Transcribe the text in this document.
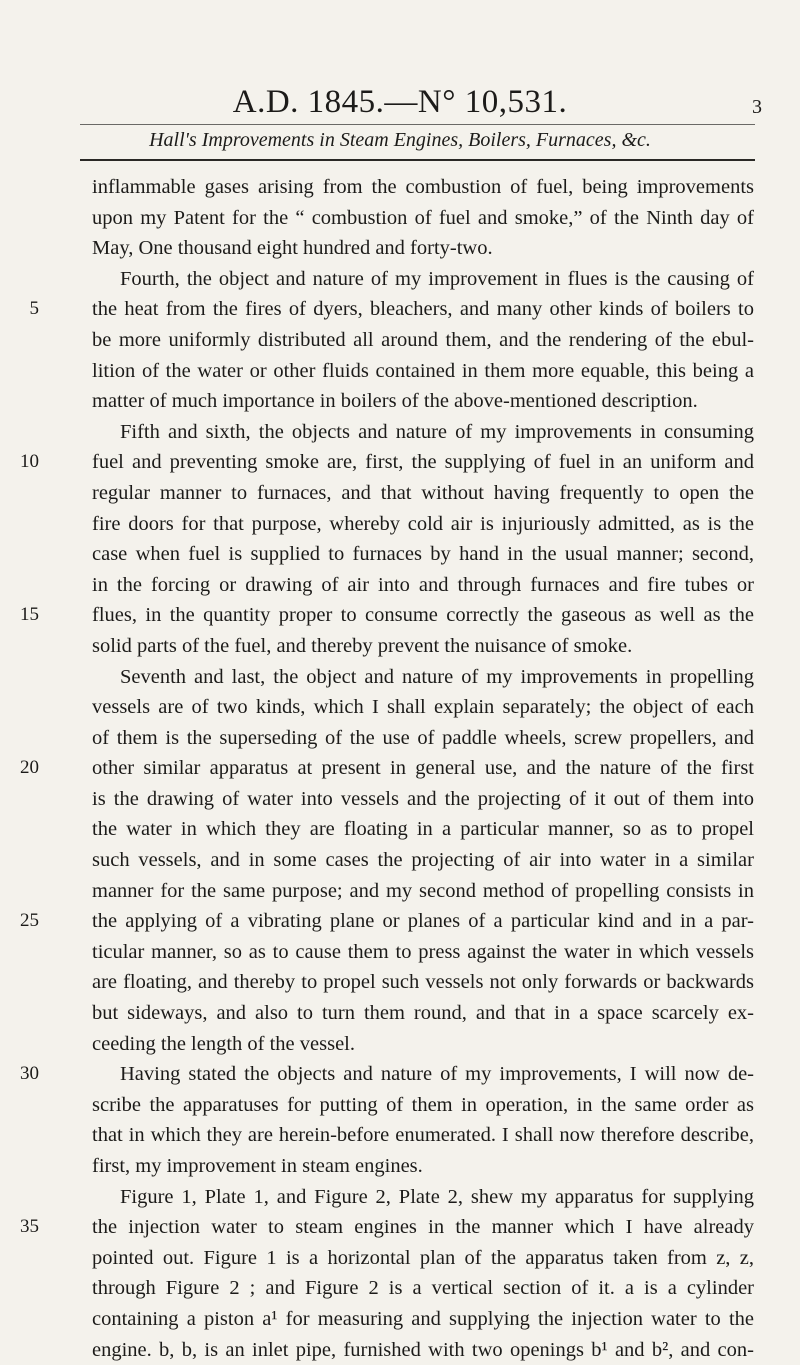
A.D. 1845.—N° 10,531.	3
Hall's Improvements in Steam Engines, Boilers, Furnaces, &c.
inflammable gases arising from the combustion of fuel, being improvements
upon my Patent for the “ combustion of fuel and smoke,” of the Ninth day of
May, One thousand eight hundred and forty-two.
Fourth, the object and nature of my improvement in flues is the causing of
5	the heat from the fires of dyers, bleachers, and many other kinds of boilers to
be more uniformly distributed all around them, and the rendering of the ebul-
lition of the water or other fluids contained in them more equable, this being a
matter of much importance in boilers of the above-mentioned description.
Fifth and sixth, the objects and nature of my improvements in consuming
10	fuel and preventing smoke are, first, the supplying of fuel in an uniform and
regular manner to furnaces, and that without having frequently to open the
fire doors for that purpose, whereby cold air is injuriously admitted, as is the
case when fuel is supplied to furnaces by hand in the usual manner; second,
in the forcing or drawing of air into and through furnaces and fire tubes or
15	flues, in the quantity proper to consume correctly the gaseous as well as the
solid parts of the fuel, and thereby prevent the nuisance of smoke.
Seventh and last, the object and nature of my improvements in propelling
vessels are of two kinds, which I shall explain separately; the object of each
of them is the superseding of the use of paddle wheels, screw propellers, and
20	other similar apparatus at present in general use, and the nature of the first
is the drawing of water into vessels and the projecting of it out of them into
the water in which they are floating in a particular manner, so as to propel
such vessels, and in some cases the projecting of air into water in a similar
manner for the same purpose; and my second method of propelling consists in
25	the applying of a vibrating plane or planes of a particular kind and in a par-
ticular manner, so as to cause them to press against the water in which vessels
are floating, and thereby to propel such vessels not only forwards or backwards
but sideways, and also to turn them round, and that in a space scarcely ex-
ceeding the length of the vessel.
30	Having stated the objects and nature of my improvements, I will now de-
scribe the apparatuses for putting of them in operation, in the same order as
that in which they are herein-before enumerated. I shall now therefore describe,
first, my improvement in steam engines.
Figure 1, Plate 1, and Figure 2, Plate 2, shew my apparatus for supplying
35	the injection water to steam engines in the manner which I have already
pointed out. Figure 1 is a horizontal plan of the apparatus taken from z, z,
through Figure 2 ; and Figure 2 is a vertical section of it. a is a cylinder
containing a piston a¹ for measuring and supplying the injection water to the
engine. b, b, is an inlet pipe, furnished with two openings b¹ and b², and con-
